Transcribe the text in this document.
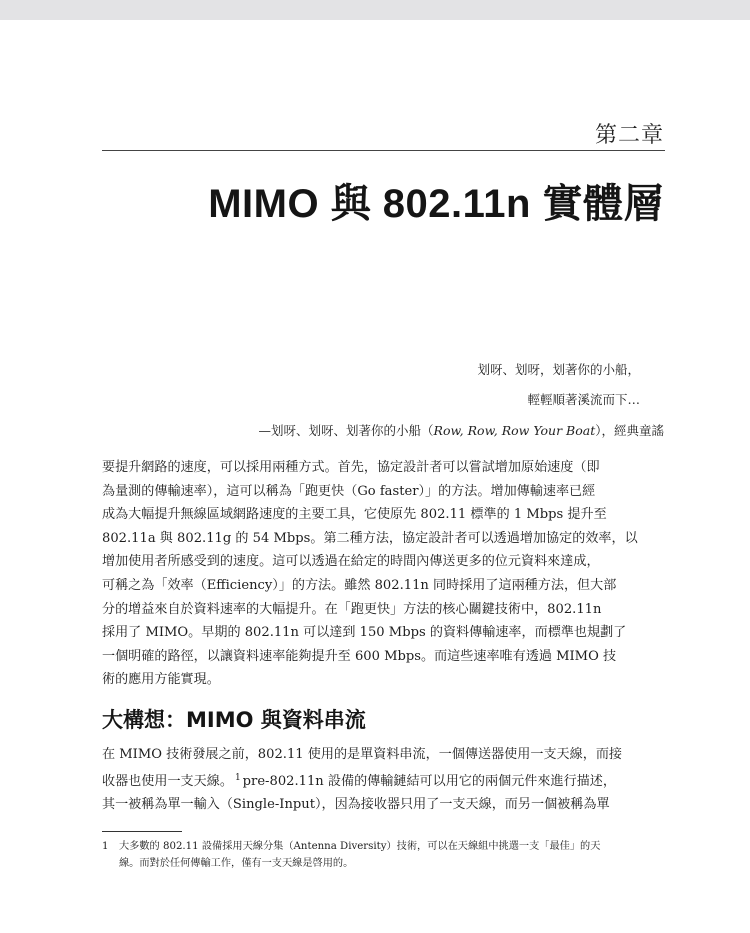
第二章
MIMO 與 802.11n 實體層
划呀、划呀，划著你的小船，
輕輕順著溪流而下…
—划呀、划呀、划著你的小船（Row, Row, Row Your Boat），經典童謠
要提升網路的速度，可以採用兩種方式。首先，協定設計者可以嘗試增加原始速度（即
為量測的傳輸速率），這可以稱為「跑更快（Go faster）」的方法。增加傳輸速率已經
成為大幅提升無線區域網路速度的主要工具，它使原先 802.11 標準的 1 Mbps 提升至
802.11a 與 802.11g 的 54 Mbps。第二種方法，協定設計者可以透過增加協定的效率，以
增加使用者所感受到的速度。這可以透過在給定的時間內傳送更多的位元資料來達成，
可稱之為「效率（Efficiency）」的方法。雖然 802.11n 同時採用了這兩種方法，但大部
分的增益來自於資料速率的大幅提升。在「跑更快」方法的核心關鍵技術中，802.11n
採用了 MIMO。早期的 802.11n 可以達到 150 Mbps 的資料傳輸速率，而標準也規劃了
一個明確的路徑，以讓資料速率能夠提升至 600 Mbps。而這些速率唯有透過 MIMO 技
術的應用方能實現。
大構想：MIMO 與資料串流
在 MIMO 技術發展之前，802.11 使用的是單資料串流，一個傳送器使用一支天線，而接
收器也使用一支天線。 $^1$ pre-802.11n 設備的傳輸鏈結可以用它的兩個元件來進行描述，
其一被稱為單一輸入（Single-Input），因為接收器只用了一支天線，而另一個被稱為單
1 大多數的 802.11 設備採用天線分集（Antenna Diversity）技術，可以在天線組中挑選一支「最佳」的天
線。而對於任何傳輸工作，僅有一支天線是啓用的。
